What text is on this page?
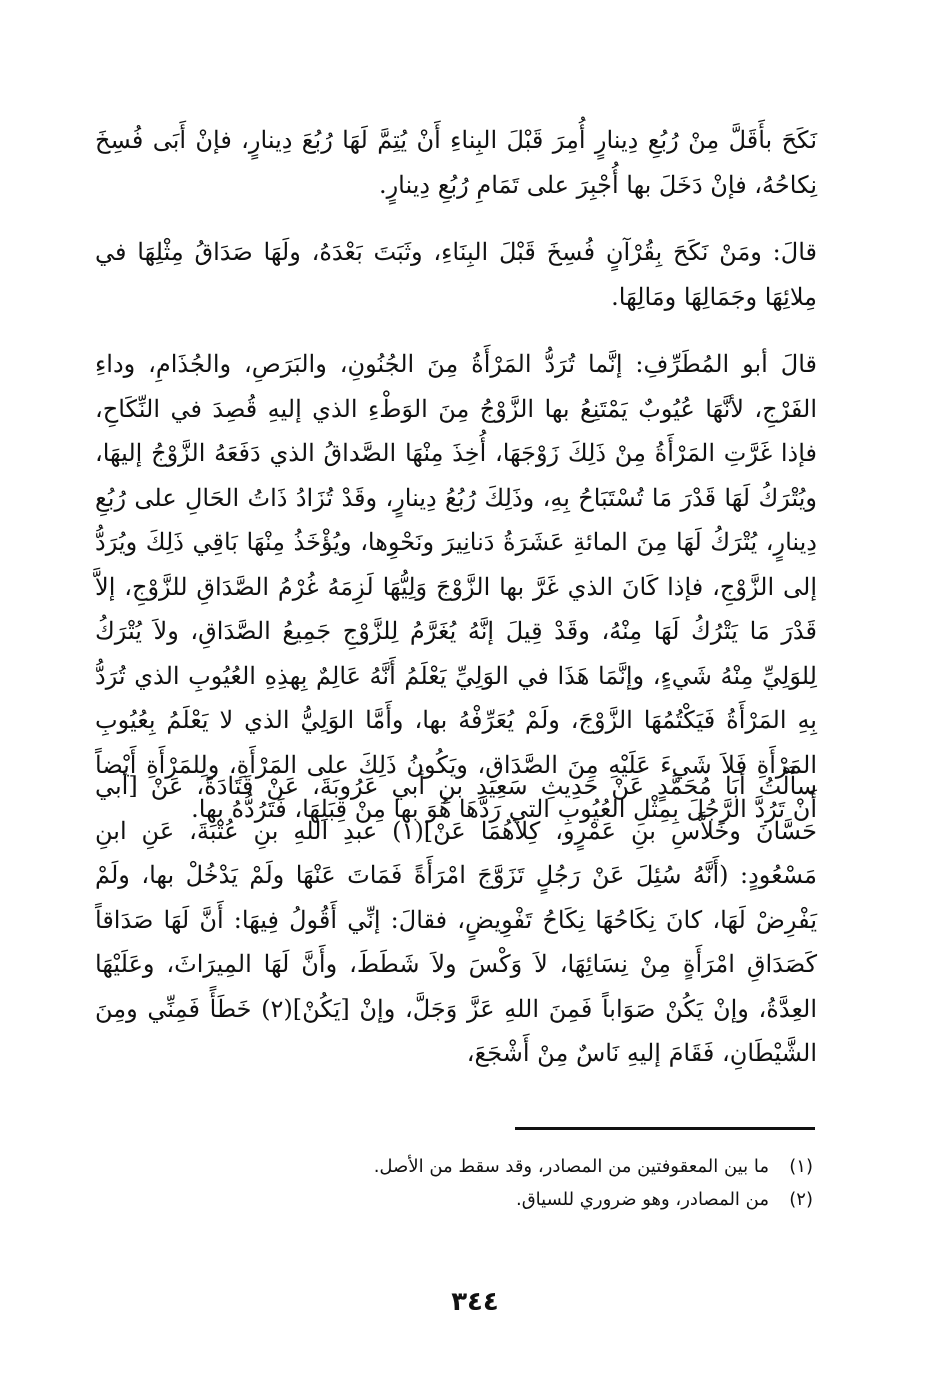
نَكَحَ بأَقَلَّ مِنْ رُبُعِ دِينارٍ أُمِرَ قَبْلَ البِناءِ أَنْ يُتِمَّ لَهَا رُبُعَ دِينارٍ، فإنْ أَبَى فُسِخَ نِكاحُهُ، فإنْ دَخَلَ بها أُجْبِرَ على تَمَامِ رُبُعِ دِينارٍ.

قالَ: ومَنْ نَكَحَ بِقُرْآنٍ فُسِخَ قَبْلَ البِنَاءِ، وثَبَتَ بَعْدَهُ، ولَهَا صَدَاقُ مِثْلِهَا في مِلائِهَا وجَمَالِهَا ومَالِهَا.

قالَ أبو المُطَرِّفِ: إنَّما تُرَدُّ المَرْأَةُ مِنَ الجُنُونِ، والبَرَصِ، والجُذَامِ، وداءِ الفَرْجِ، لأنَّهَا عُيُوبٌ يَمْتَنِعُ بها الزَّوْجُ مِنَ الوَطْءِ الذي إليهِ قُصِدَ في النِّكَاحِ، فإذا غَرَّتِ المَرْأَةُ مِنْ ذَلِكَ زَوْجَهَا، أُخِذَ مِنْهَا الصَّداقُ الذي دَفَعَهُ الزَّوْجُ إليهَا، ويُتْرَكُ لَهَا قَدْرَ مَا تُسْتَبَاحُ بِهِ، وذَلِكَ رُبُعُ دِينارٍ، وقَدْ تُزَادُ ذَاتُ الحَالِ على رُبُعِ دِينارٍ، يُتْرَكُ لَهَا مِنَ المائةِ عَشَرَةُ دَنانِيرَ ونَحْوِها، ويُؤْخَذُ مِنْهَا بَاقِي ذَلِكَ ويُرَدُّ إلى الزَّوْجِ، فإذا كَانَ الذي غَرَّ بها الزَّوْجَ وَلِيُّهَا لَزِمَهُ غُرْمُ الصَّدَاقِ للزَّوْجِ، إلاَّ قَدْرَ مَا يَتْرُكُ لَهَا مِنْهُ، وقَدْ قِيلَ إنَّهُ يُغَرَّمُ لِلزَّوْجِ جَمِيعُ الصَّدَاقِ، ولاَ يُتْرَكُ لِلوَلِيِّ مِنْهُ شَيءٍ، وإنَّمَا هَذَا في الوَلِيِّ يَعْلَمُ أَنَّهُ عَالِمٌ بِهذِهِ العُيُوبِ الذي تُرَدُّ بِهِ المَرْأَةُ فَيَكْتُمُهَا الزَّوْجَ، ولَمْ يُعَرِّفْهُ بها، وأَمَّا الوَلِيُّ الذي لا يَعْلَمُ بِعُيُوبِ المَرْأَةِ فَلاَ شَيءَ عَلَيْهِ مِنَ الصَّدَاقِ، ويَكُونُ ذَلِكَ على المَرْأَةِ، ولِلمَرْأَةِ أَيْضاً أَنْ تَرُدَّ الرَّجُلَ بِمِثْلِ العُيُوبِ التي رَدَّهَا هُوَ بها مِنْ قِبَلِهَا، فَتَرُدُّهُ بها.

سأَلْتُ أَبَا مُحَمَّدٍ عَنْ حَدِيثِ سَعِيدِ بنِ أبي عَرُوبَةَ، عَنْ قَتَادَةَ، عَنْ [أبي حَسَّانَ وخَلاَّسِ بنِ عَمْرٍو، كِلاَهُمَا عَنْ](١) عبدِ اللهِ بنِ عُتْبَةَ، عَنِ ابنِ مَسْعُودٍ: (أَنَّهُ سُئِلَ عَنْ رَجُلٍ تَزَوَّجَ امْرَأَةً فَمَاتَ عَنْهَا ولَمْ يَدْخُلْ بها، ولَمْ يَفْرِضْ لَهَا، كانَ نِكَاحُهَا نِكَاحُ تَفْوِيضٍ، فقالَ: إنِّي أَقُولُ فِيهَا: أَنَّ لَهَا صَدَاقاً كَصَدَاقِ امْرَأَةٍ مِنْ نِسَائِهَا، لاَ وَكْسَ ولاَ شَطَطَ، وأَنَّ لَهَا المِيرَاثَ، وعَلَيْهَا العِدَّةُ، وإنْ يَكُنْ صَوَاباً فَمِنَ اللهِ عَزَّ وَجَلَّ، وإنْ [يَكُنْ](٢) خَطَأً فَمِنِّي ومِنَ الشَّيْطَانِ، فَقَامَ إليهِ نَاسٌ مِنْ أَشْجَعَ،

(١)
ما بين المعقوفتين من المصادر، وقد سقط من الأصل.
(٢)
من المصادر، وهو ضروري للسياق.
٣٤٤
